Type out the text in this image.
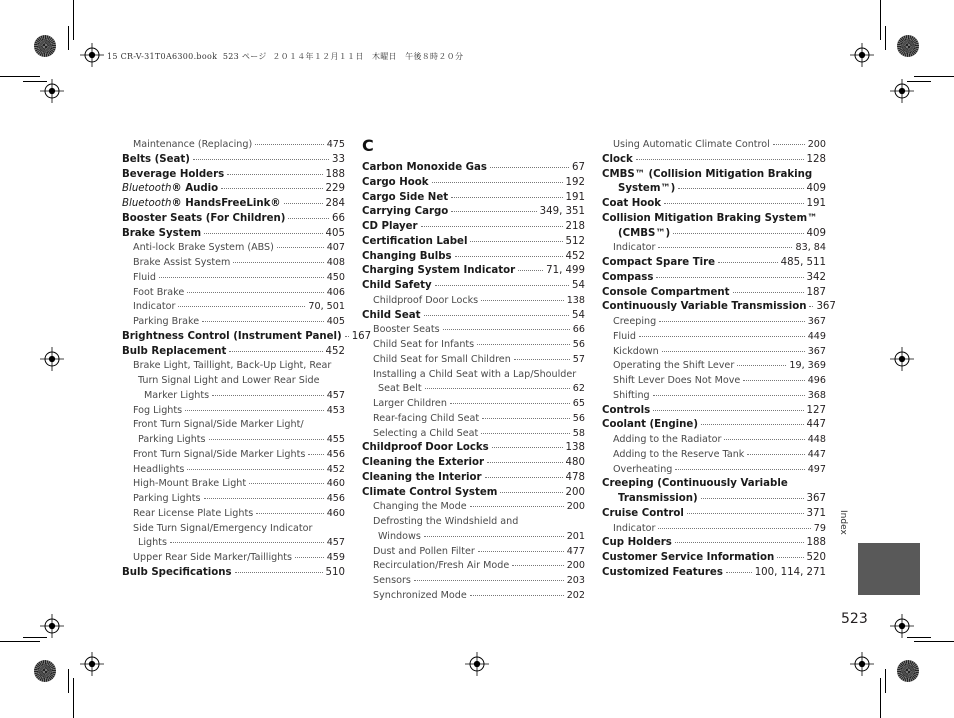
15 CR-V-31T0A6300.book  523 ページ  ２０１４年１２月１１日　木曜日　午後８時２０分
C
Maintenance (Replacing)	475
Belts (Seat)	33
Beverage Holders	188
Bluetooth® Audio	229
Bluetooth® HandsFreeLink®	284
Booster Seats (For Children)	66
Brake System	405
Anti-lock Brake System (ABS)	407
Brake Assist System	408
Fluid	450
Foot Brake	406
Indicator	70, 501
Parking Brake	405
Brightness Control (Instrument Panel) 167
Bulb Replacement	452
Brake Light, Taillight, Back-Up Light, Rear
Turn Signal Light and Lower Rear Side
Marker Lights	457
Fog Lights	453
Front Turn Signal/Side Marker Light/
Parking Lights	455
Front Turn Signal/Side Marker Lights 456
Headlights	452
High-Mount Brake Light	460
Parking Lights	456
Rear License Plate Lights	460
Side Turn Signal/Emergency Indicator
Lights	457
Upper Rear Side Marker/Taillights	459
Bulb Specifications	510
Carbon Monoxide Gas	67
Cargo Hook	192
Cargo Side Net	191
Carrying Cargo	349, 351
CD Player	218
Certification Label	512
Changing Bulbs	452
Charging System Indicator	71, 499
Child Safety	54
Childproof Door Locks	138
Child Seat	54
Booster Seats	66
Child Seat for Infants	56
Child Seat for Small Children	57
Installing a Child Seat with a Lap/Shoulder
Seat Belt	62
Larger Children	65
Rear-facing Child Seat	56
Selecting a Child Seat	58
Childproof Door Locks	138
Cleaning the Exterior	480
Cleaning the Interior	478
Climate Control System	200
Changing the Mode	200
Defrosting the Windshield and
Windows	201
Dust and Pollen Filter	477
Recirculation/Fresh Air Mode	200
Sensors	203
Synchronized Mode	202
Using Automatic Climate Control	200
Clock	128
CMBS™ (Collision Mitigation Braking
System™)	409
Coat Hook	191
Collision Mitigation Braking System™
(CMBS™)	409
Indicator	83, 84
Compact Spare Tire	485, 511
Compass	342
Console Compartment	187
Continuously Variable Transmission 367
Creeping	367
Fluid	449
Kickdown	367
Operating the Shift Lever	19, 369
Shift Lever Does Not Move	496
Shifting	368
Controls	127
Coolant (Engine)	447
Adding to the Radiator	448
Adding to the Reserve Tank	447
Overheating	497
Creeping (Continuously Variable
Transmission)	367
Cruise Control	371
Indicator	79
Cup Holders	188
Customer Service Information	520
Customized Features	100, 114, 271
Index
523
